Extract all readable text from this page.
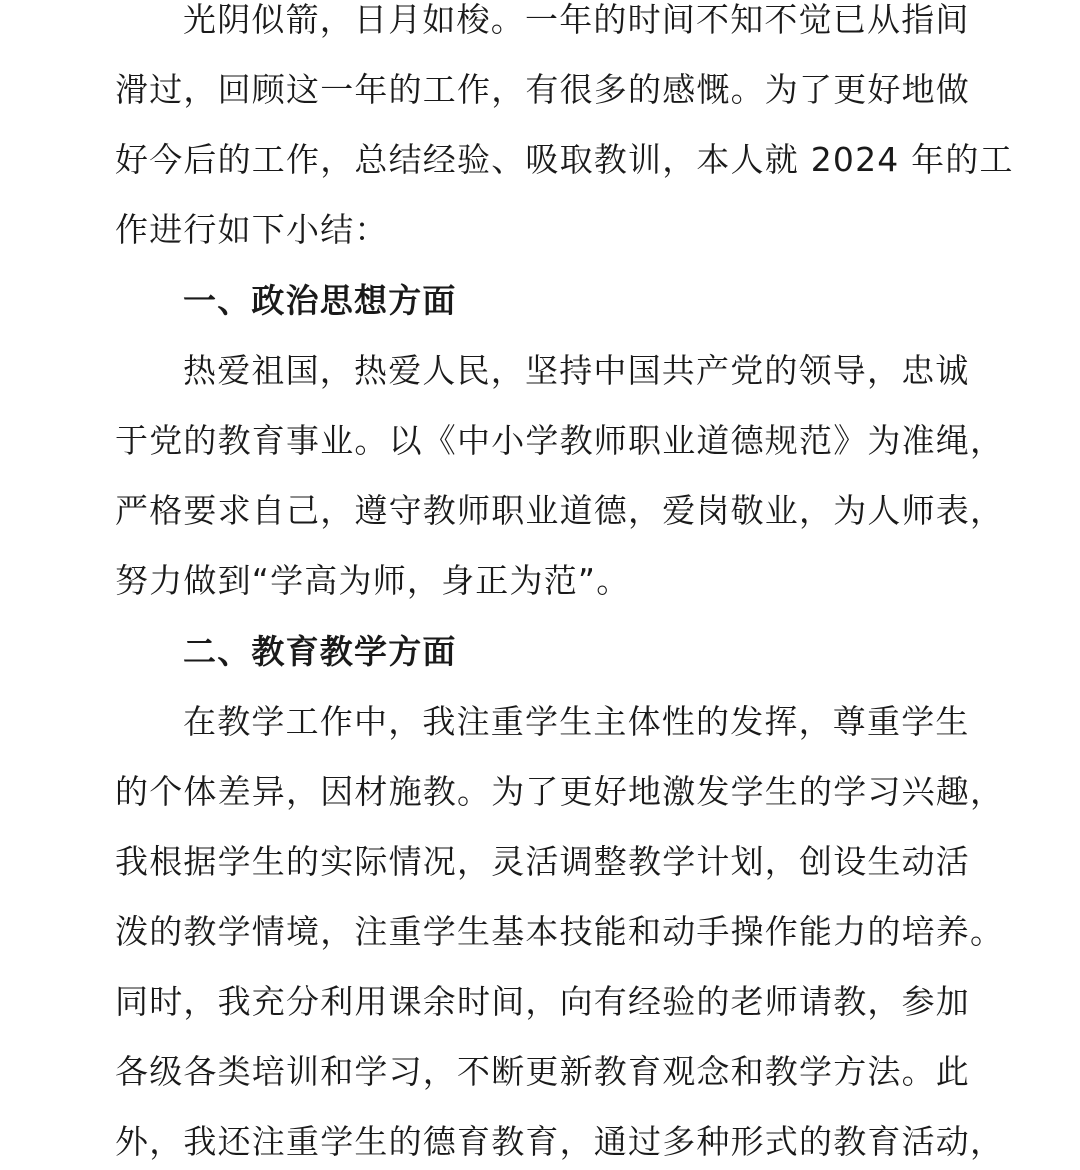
光阴似箭，日月如梭。一年的时间不知不觉已从指间
滑过，回顾这一年的工作，有很多的感慨。为了更好地做
好今后的工作，总结经验、吸取教训，本人就 2024 年的工
作进行如下小结：
一、政治思想方面
热爱祖国，热爱人民，坚持中国共产党的领导，忠诚
于党的教育事业。以《中小学教师职业道德规范》为准绳，
严格要求自己，遵守教师职业道德，爱岗敬业，为人师表，
努力做到“学高为师，身正为范”。
二、教育教学方面
在教学工作中，我注重学生主体性的发挥，尊重学生
的个体差异，因材施教。为了更好地激发学生的学习兴趣，
我根据学生的实际情况，灵活调整教学计划，创设生动活
泼的教学情境，注重学生基本技能和动手操作能力的培养。
同时，我充分利用课余时间，向有经验的老师请教，参加
各级各类培训和学习，不断更新教育观念和教学方法。此
外，我还注重学生的德育教育，通过多种形式的教育活动，
